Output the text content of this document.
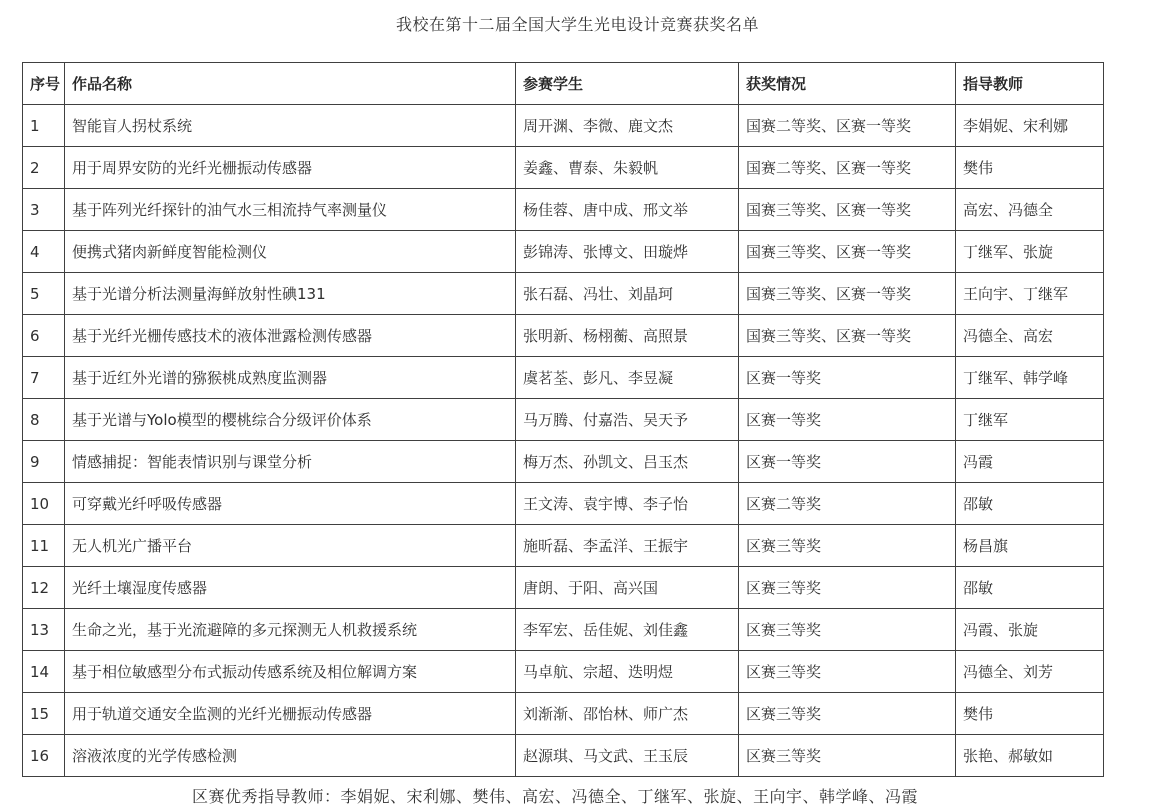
我校在第十二届全国大学生光电设计竞赛获奖名单
序号	作品名称	参赛学生	获奖情况	指导教师
1	智能盲人拐杖系统	周开渊、李微、鹿文杰	国赛二等奖、区赛一等奖	李娟妮、宋利娜
2	用于周界安防的光纤光栅振动传感器	姜鑫、曹泰、朱毅帆	国赛二等奖、区赛一等奖	樊伟
3	基于阵列光纤探针的油气水三相流持气率测量仪	杨佳蓉、唐中成、邢文举	国赛三等奖、区赛一等奖	高宏、冯德全
4	便携式猪肉新鲜度智能检测仪	彭锦涛、张博文、田璇烨	国赛三等奖、区赛一等奖	丁继军、张旋
5	基于光谱分析法测量海鲜放射性碘131	张石磊、冯壮、刘晶珂	国赛三等奖、区赛一等奖	王向宇、丁继军
6	基于光纤光栅传感技术的液体泄露检测传感器	张明新、杨栩蘅、高照景	国赛三等奖、区赛一等奖	冯德全、高宏
7	基于近红外光谱的猕猴桃成熟度监测器	虞茗荃、彭凡、李昱凝	区赛一等奖	丁继军、韩学峰
8	基于光谱与Yolo模型的樱桃综合分级评价体系	马万腾、付嘉浩、吴天予	区赛一等奖	丁继军
9	情感捕捉：智能表情识别与课堂分析	梅万杰、孙凯文、吕玉杰	区赛一等奖	冯霞
10	可穿戴光纤呼吸传感器	王文涛、袁宇博、李子怡	区赛二等奖	邵敏
11	无人机光广播平台	施昕磊、李孟洋、王振宇	区赛三等奖	杨昌旗
12	光纤土壤湿度传感器	唐朗、于阳、高兴国	区赛三等奖	邵敏
13	生命之光，基于光流避障的多元探测无人机救援系统	李军宏、岳佳妮、刘佳鑫	区赛三等奖	冯霞、张旋
14	基于相位敏感型分布式振动传感系统及相位解调方案	马卓航、宗超、迭明煜	区赛三等奖	冯德全、刘芳
15	用于轨道交通安全监测的光纤光栅振动传感器	刘渐渐、邵怡林、师广杰	区赛三等奖	樊伟
16	溶液浓度的光学传感检测	赵源琪、马文武、王玉辰	区赛三等奖	张艳、郝敏如
区赛优秀指导教师：李娟妮、宋利娜、樊伟、高宏、冯德全、丁继军、张旋、王向宇、韩学峰、冯霞
